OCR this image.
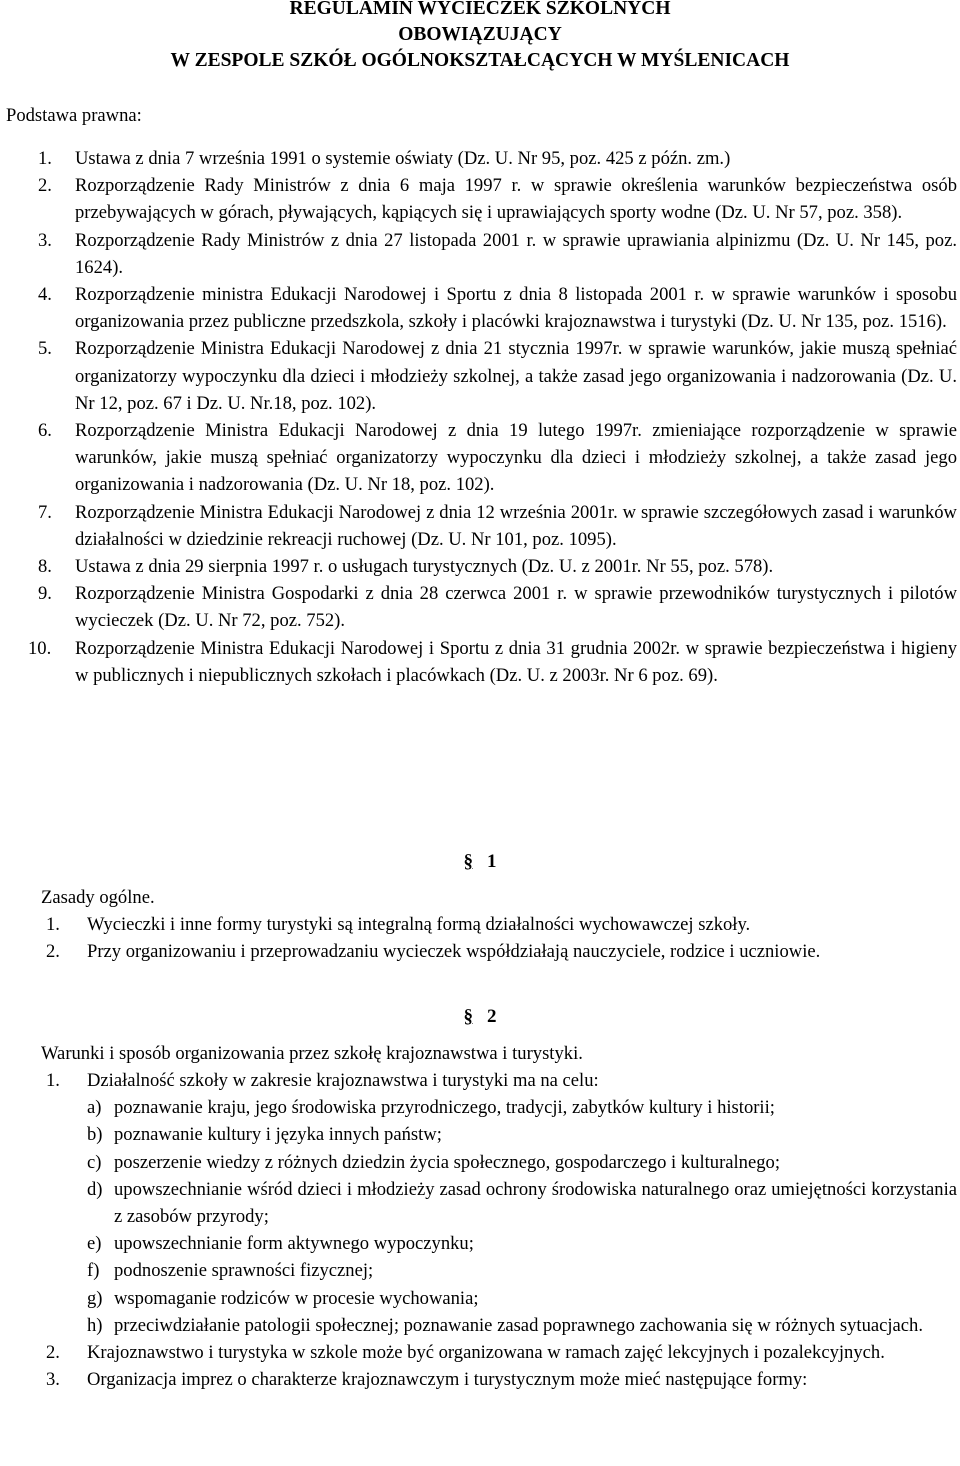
REGULAMIN WYCIECZEK SZKOLNYCH
OBOWIĄZUJĄCY
W ZESPOLE SZKÓŁ OGÓLNOKSZTAŁCĄCYCH W MYŚLENICACH

Podstawa prawna:

1. Ustawa z dnia 7 września 1991 o systemie oświaty (Dz. U. Nr 95, poz. 425 z późn. zm.)
2. Rozporządzenie Rady Ministrów z dnia 6 maja 1997 r. w sprawie określenia warunków bezpieczeństwa osób przebywających w górach, pływających, kąpiących się i uprawiających sporty wodne (Dz. U. Nr 57, poz. 358).
3. Rozporządzenie Rady Ministrów z dnia 27 listopada 2001 r. w sprawie uprawiania alpinizmu (Dz. U. Nr 145, poz. 1624).
4. Rozporządzenie ministra Edukacji Narodowej i Sportu z dnia 8 listopada 2001 r. w sprawie warunków i sposobu organizowania przez publiczne przedszkola, szkoły i placówki krajoznawstwa i turystyki (Dz. U. Nr 135, poz. 1516).
5. Rozporządzenie Ministra Edukacji Narodowej z dnia 21 stycznia 1997r. w sprawie warunków, jakie muszą spełniać organizatorzy wypoczynku dla dzieci i młodzieży szkolnej, a także zasad jego organizowania i nadzorowania (Dz. U. Nr 12, poz. 67 i Dz. U. Nr.18, poz. 102).
6. Rozporządzenie Ministra Edukacji Narodowej z dnia 19 lutego 1997r. zmieniające rozporządzenie w sprawie warunków, jakie muszą spełniać organizatorzy wypoczynku dla dzieci i młodzieży szkolnej, a także zasad jego organizowania i nadzorowania (Dz. U. Nr 18, poz. 102).
7. Rozporządzenie Ministra Edukacji Narodowej z dnia 12 września 2001r. w sprawie szczegółowych zasad i warunków działalności w dziedzinie rekreacji ruchowej (Dz. U. Nr 101, poz. 1095).
8. Ustawa z dnia 29 sierpnia 1997 r. o usługach turystycznych (Dz. U. z 2001r. Nr 55, poz. 578).
9. Rozporządzenie Ministra Gospodarki z dnia 28 czerwca 2001 r. w sprawie przewodników turystycznych i pilotów wycieczek (Dz. U. Nr 72, poz. 752).
10. Rozporządzenie Ministra Edukacji Narodowej i Sportu z dnia 31 grudnia 2002r. w sprawie bezpieczeństwa i higieny w publicznych i niepublicznych szkołach i placówkach (Dz. U. z 2003r. Nr 6 poz. 69).
§ 1

Zasady ogólne.

1. Wycieczki i inne formy turystyki są integralną formą działalności wychowawczej szkoły.
2. Przy organizowaniu i przeprowadzaniu wycieczek współdziałają nauczyciele, rodzice i uczniowie.
§ 2

Warunki i sposób organizowania przez szkołę krajoznawstwa i turystyki.

1. Działalność szkoły w zakresie krajoznawstwa i turystyki ma na celu:
a) poznawanie kraju, jego środowiska przyrodniczego, tradycji, zabytków kultury i historii;
b) poznawanie kultury i języka innych państw;
c) poszerzenie wiedzy z różnych dziedzin życia społecznego, gospodarczego i kulturalnego;
d) upowszechnianie wśród dzieci i młodzieży zasad ochrony środowiska naturalnego oraz umiejętności korzystania z zasobów przyrody;
e) upowszechnianie form aktywnego wypoczynku;
f) podnoszenie sprawności fizycznej;
g) wspomaganie rodziców w procesie wychowania;
h) przeciwdziałanie patologii społecznej; poznawanie zasad poprawnego zachowania się w różnych sytuacjach.
2. Krajoznawstwo i turystyka w szkole może być organizowana w ramach zajęć lekcyjnych i pozalekcyjnych.
3. Organizacja imprez o charakterze krajoznawczym i turystycznym może mieć następujące formy:
